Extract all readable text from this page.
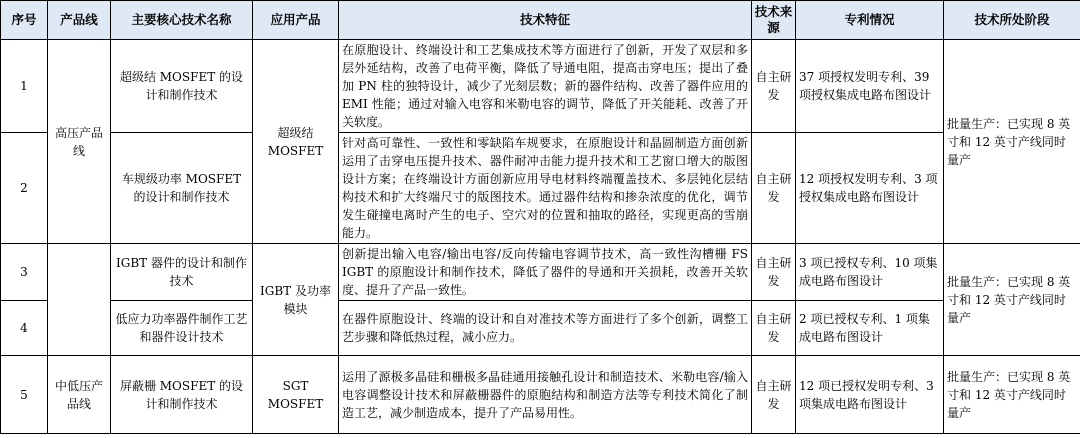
序号	产品线	主要核心技术名称	应用产品	技术特征	技术来源	专利情况	技术所处阶段
1	高压产品线	超级结 MOSFET 的设计和制作技术	超级结 MOSFET	在原胞设计、终端设计和工艺集成技术等方面进行了创新，开发了双层和多层外延结构，改善了电荷平衡，降低了导通电阻，提高击穿电压；提出了叠加 PN 柱的独特设计，减少了光刻层数；新的器件结构、改善了器件应用的 EMI 性能；通过对输入电容和米勒电容的调节，降低了开关能耗、改善了开关软度。	自主研发	37 项授权发明专利、39 项授权集成电路布图设计	批量生产：已实现 8 英寸和 12 英寸产线同时量产
2		车规级功率 MOSFET 的设计和制作技术		针对高可靠性、一致性和零缺陷车规要求，在原胞设计和晶圆制造方面创新运用了击穿电压提升技术、器件耐冲击能力提升技术和工艺窗口增大的版图设计方案；在终端设计方面创新应用导电材料终端覆盖技术、多层钝化层结构技术和扩大终端尺寸的版图技术。通过器件结构和掺杂浓度的优化，调节发生碰撞电离时产生的电子、空穴对的位置和抽取的路径，实现更高的雪崩能力。	自主研发	12 项授权发明专利、3 项授权集成电路布图设计	
3		IGBT 器件的设计和制作技术	IGBT 及功率模块	创新提出输入电容/输出电容/反向传输电容调节技术，高一致性沟槽栅 FS IGBT 的原胞设计和制作技术，降低了器件的导通和开关损耗，改善开关软度、提升了产品一致性。	自主研发	3 项已授权专利、10 项集成电路布图设计	批量生产：已实现 8 英寸和 12 英寸产线同时量产
4		低应力功率器件制作工艺和器件设计技术		在器件原胞设计、终端的设计和自对准技术等方面进行了多个创新，调整工艺步骤和降低热过程，减小应力。	自主研发	2 项已授权专利、1 项集成电路布图设计	
5	中低压产品线	屏蔽栅 MOSFET 的设计和制作技术	SGT MOSFET	运用了源极多晶硅和栅极多晶硅通用接触孔设计和制造技术、米勒电容/输入电容调整设计技术和屏蔽栅器件的原胞结构和制造方法等专利技术简化了制造工艺，减少制造成本，提升了产品易用性。	自主研发	12 项已授权发明专利、3 项集成电路布图设计	批量生产：已实现 8 英寸和 12 英寸产线同时量产
